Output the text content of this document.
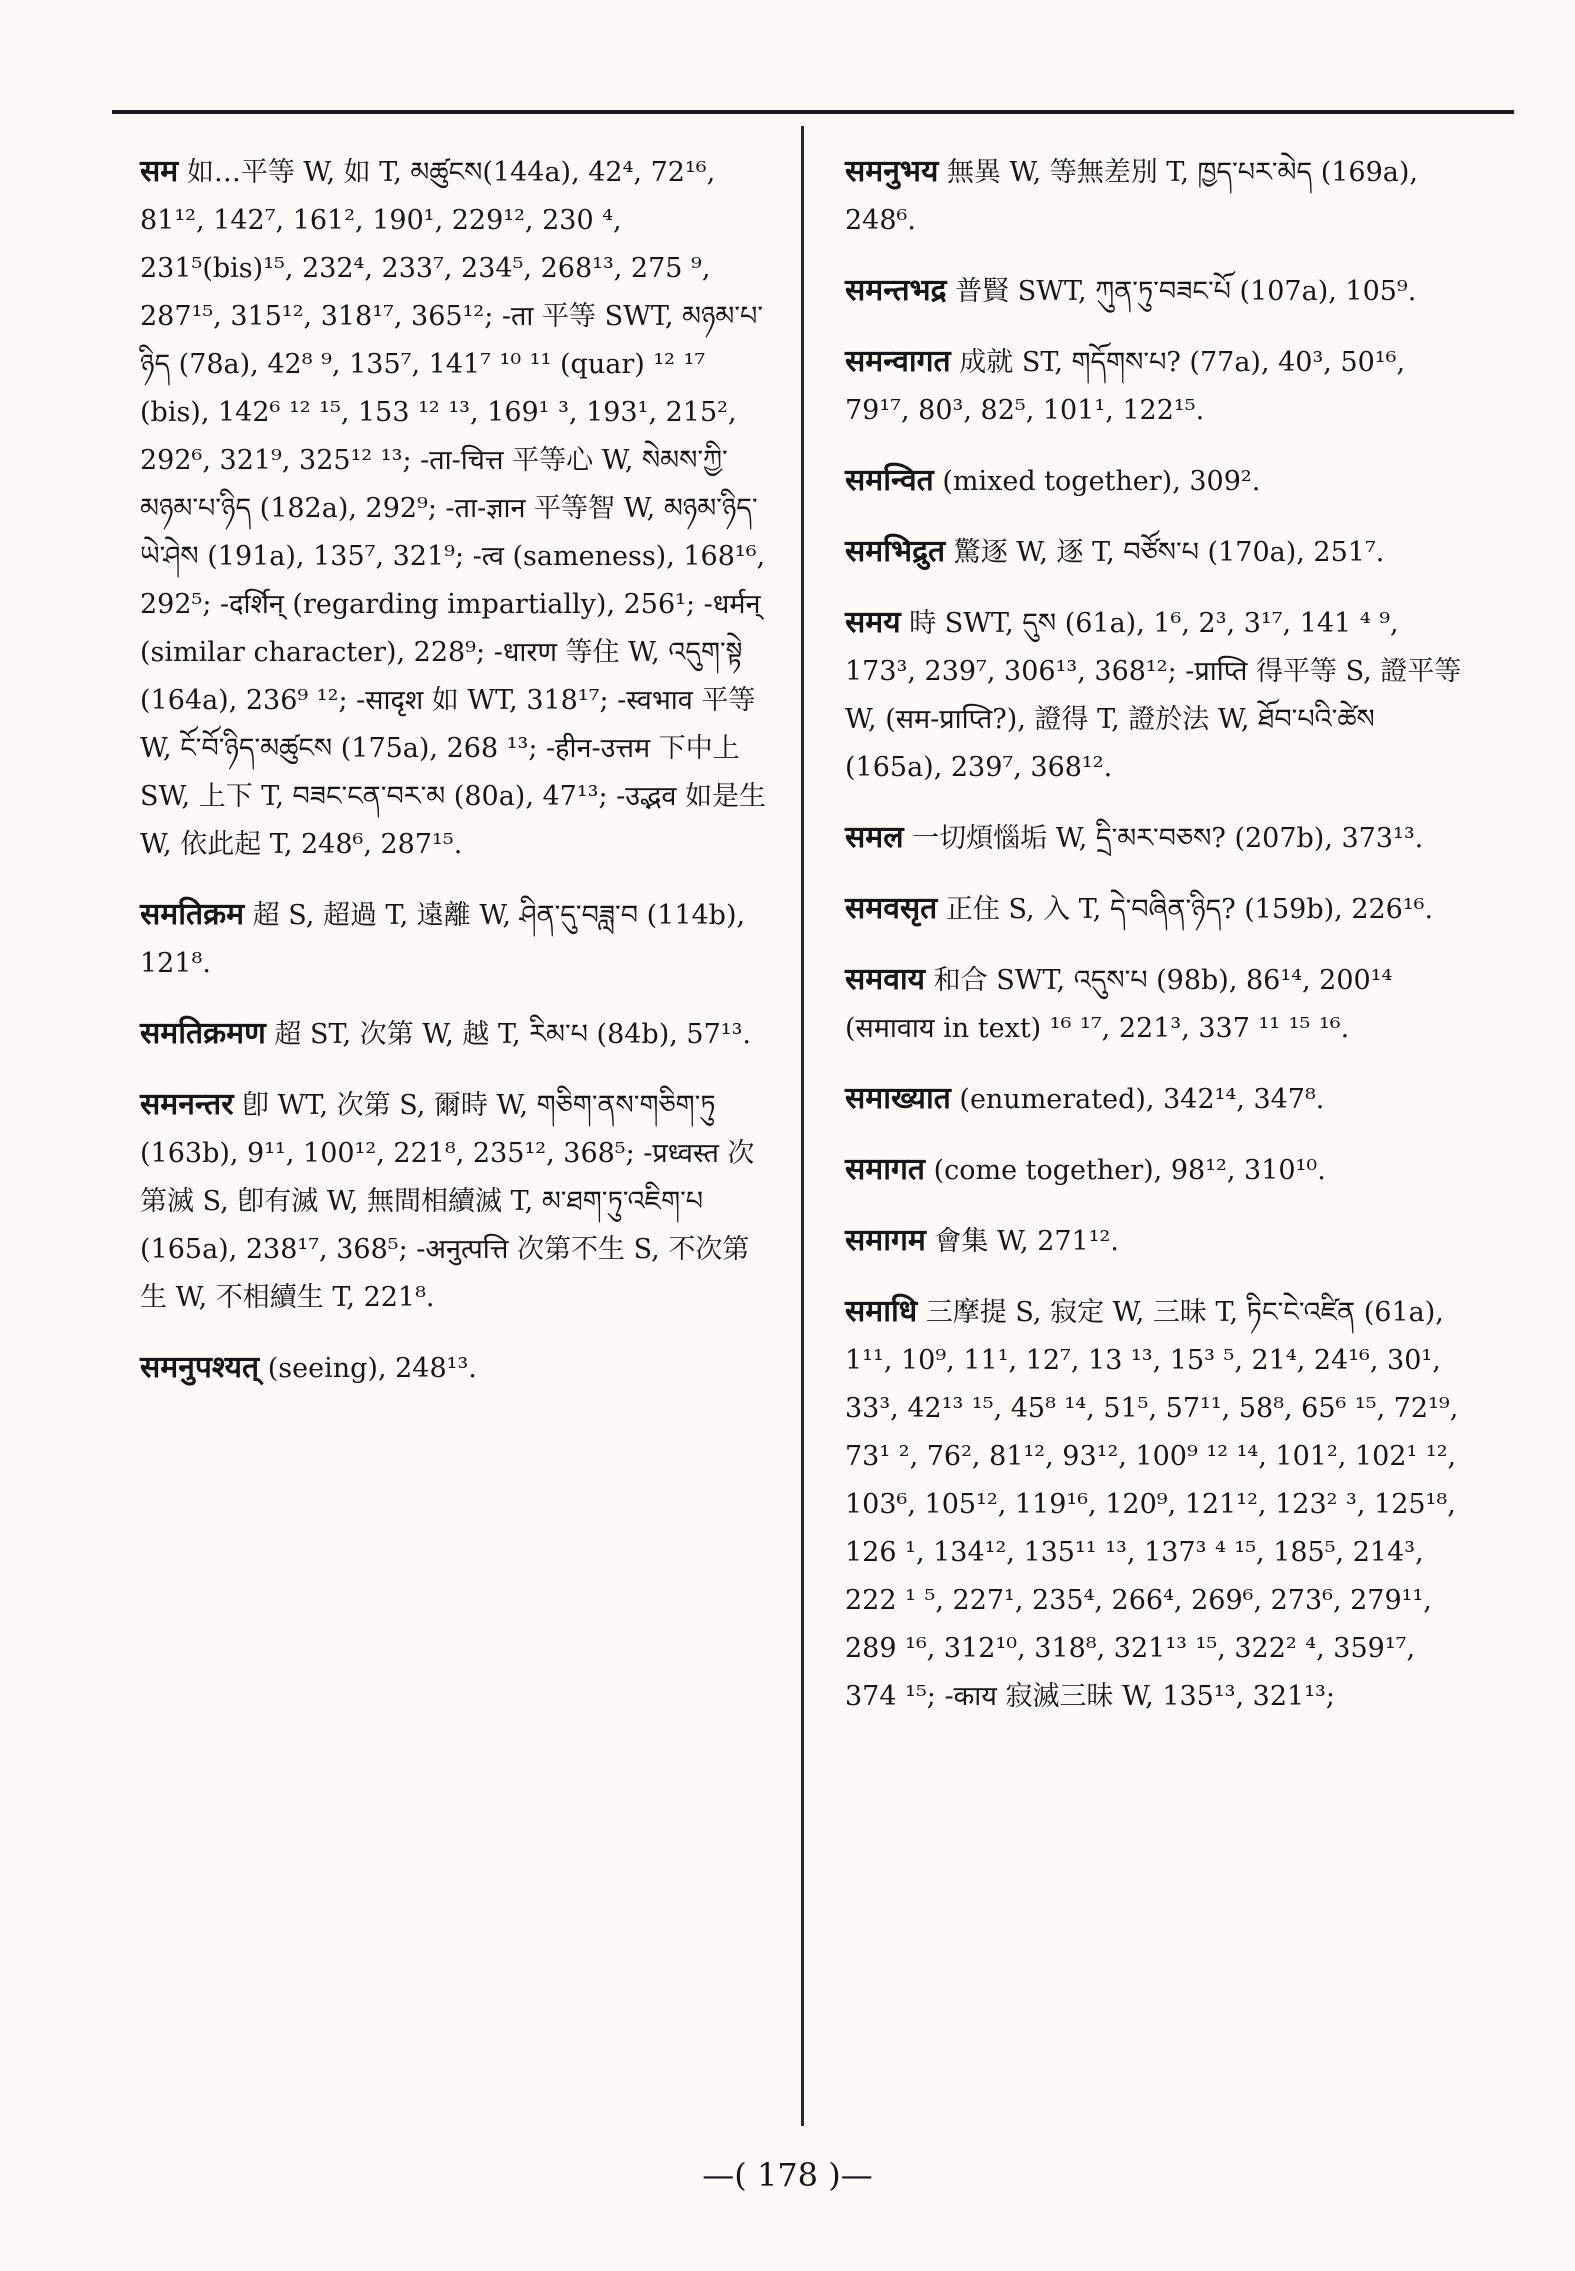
सम 如…平等 W, 如 T, མཚུངས(144a), 42⁴, 72¹⁶, 81¹², 142⁷, 161², 190¹, 229¹², 230 ⁴, 231⁵(bis)¹⁵, 232⁴, 233⁷, 234⁵, 268¹³, 275 ⁹, 287¹⁵, 315¹², 318¹⁷, 365¹²; -ता 平等 SWT, མཉམ་པ་ཉིད (78a), 42⁸ ⁹, 135⁷, 141⁷ ¹⁰ ¹¹ (quar) ¹² ¹⁷ (bis), 142⁶ ¹² ¹⁵, 153 ¹² ¹³, 169¹ ³, 193¹, 215², 292⁶, 321⁹, 325¹² ¹³; -ता-चित्त 平等心 W, སེམས་ཀྱི་མཉམ་པ་ཉིད (182a), 292⁹; -ता-ज्ञान 平等智 W, མཉམ་ཉིད་ཡེ་ཤེས (191a), 135⁷, 321⁹; -त्व (sameness), 168¹⁶, 292⁵; -दर्शिन् (regarding impartially), 256¹; -धर्मन् (similar character), 228⁹; -धारण 等住 W, འདུག་སྟེ (164a), 236⁹ ¹²; -सादृश 如 WT, 318¹⁷; -स्वभाव 平等 W, ངོ་བོ་ཉིད་མཚུངས (175a), 268 ¹³; -हीन-उत्तम 下中上 SW, 上下 T, བཟང་ངན་བར་མ (80a), 47¹³; -उद्भव 如是生 W, 依此起 T, 248⁶, 287¹⁵.
समतिक्रम 超 S, 超過 T, 遠離 W, ཤིན་དུ་བཟླ་བ (114b), 121⁸.
समतिक्रमण 超 ST, 次第 W, 越 T, རིམ་པ (84b), 57¹³.
समनन्तर 卽 WT, 次第 S, 爾時 W, གཅིག་ནས་གཅིག་ཏུ (163b), 9¹¹, 100¹², 221⁸, 235¹², 368⁵; -प्रध्वस्त 次第滅 S, 卽有滅 W, 無間相續滅 T, མ་ཐག་ཏུ་འཇིག་པ (165a), 238¹⁷, 368⁵; -अनुत्पत्ति 次第不生 S, 不次第生 W, 不相續生 T, 221⁸.
समनुपश्यत् (seeing), 248¹³.
समनुभय 無異 W, 等無差別 T, ཁྱད་པར་མེད (169a), 248⁶.
समन्तभद्र 普賢 SWT, ཀུན་ཏུ་བཟང་པོ (107a), 105⁹.
समन्वागत 成就 ST, གདོགས་པ? (77a), 40³, 50¹⁶, 79¹⁷, 80³, 82⁵, 101¹, 122¹⁵.
समन्वित (mixed together), 309².
समभिद्रुत 驚逐 W, 逐 T, བཙོས་པ (170a), 251⁷.
समय 時 SWT, དུས (61a), 1⁶, 2³, 3¹⁷, 141 ⁴ ⁹, 173³, 239⁷, 306¹³, 368¹²; -प्राप्ति 得平等 S, 證平等 W, (सम-प्राप्ति?), 證得 T, 證於法 W, ཐོབ་པའི་ཚེས (165a), 239⁷, 368¹².
समल 一切煩惱垢 W, དྲི་མར་བཅས? (207b), 373¹³.
समवसृत 正住 S, 入 T, དེ་བཞིན་ཉིད? (159b), 226¹⁶.
समवाय 和合 SWT, འདུས་པ (98b), 86¹⁴, 200¹⁴ (समावाय in text) ¹⁶ ¹⁷, 221³, 337 ¹¹ ¹⁵ ¹⁶.
समाख्यात (enumerated), 342¹⁴, 347⁸.
समागत (come together), 98¹², 310¹⁰.
समागम 會集 W, 271¹².
समाधि 三摩提 S, 寂定 W, 三昧 T, ཏིང་ངེ་འཛིན (61a), 1¹¹, 10⁹, 11¹, 12⁷, 13 ¹³, 15³ ⁵, 21⁴, 24¹⁶, 30¹, 33³, 42¹³ ¹⁵, 45⁸ ¹⁴, 51⁵, 57¹¹, 58⁸, 65⁶ ¹⁵, 72¹⁹, 73¹ ², 76², 81¹², 93¹², 100⁹ ¹² ¹⁴, 101², 102¹ ¹², 103⁶, 105¹², 119¹⁶, 120⁹, 121¹², 123² ³, 125¹⁸, 126 ¹, 134¹², 135¹¹ ¹³, 137³ ⁴ ¹⁵, 185⁵, 214³, 222 ¹ ⁵, 227¹, 235⁴, 266⁴, 269⁶, 273⁶, 279¹¹, 289 ¹⁶, 312¹⁰, 318⁸, 321¹³ ¹⁵, 322² ⁴, 359¹⁷, 374 ¹⁵; -काय 寂滅三昧 W, 135¹³, 321¹³;
—( 178 )—
